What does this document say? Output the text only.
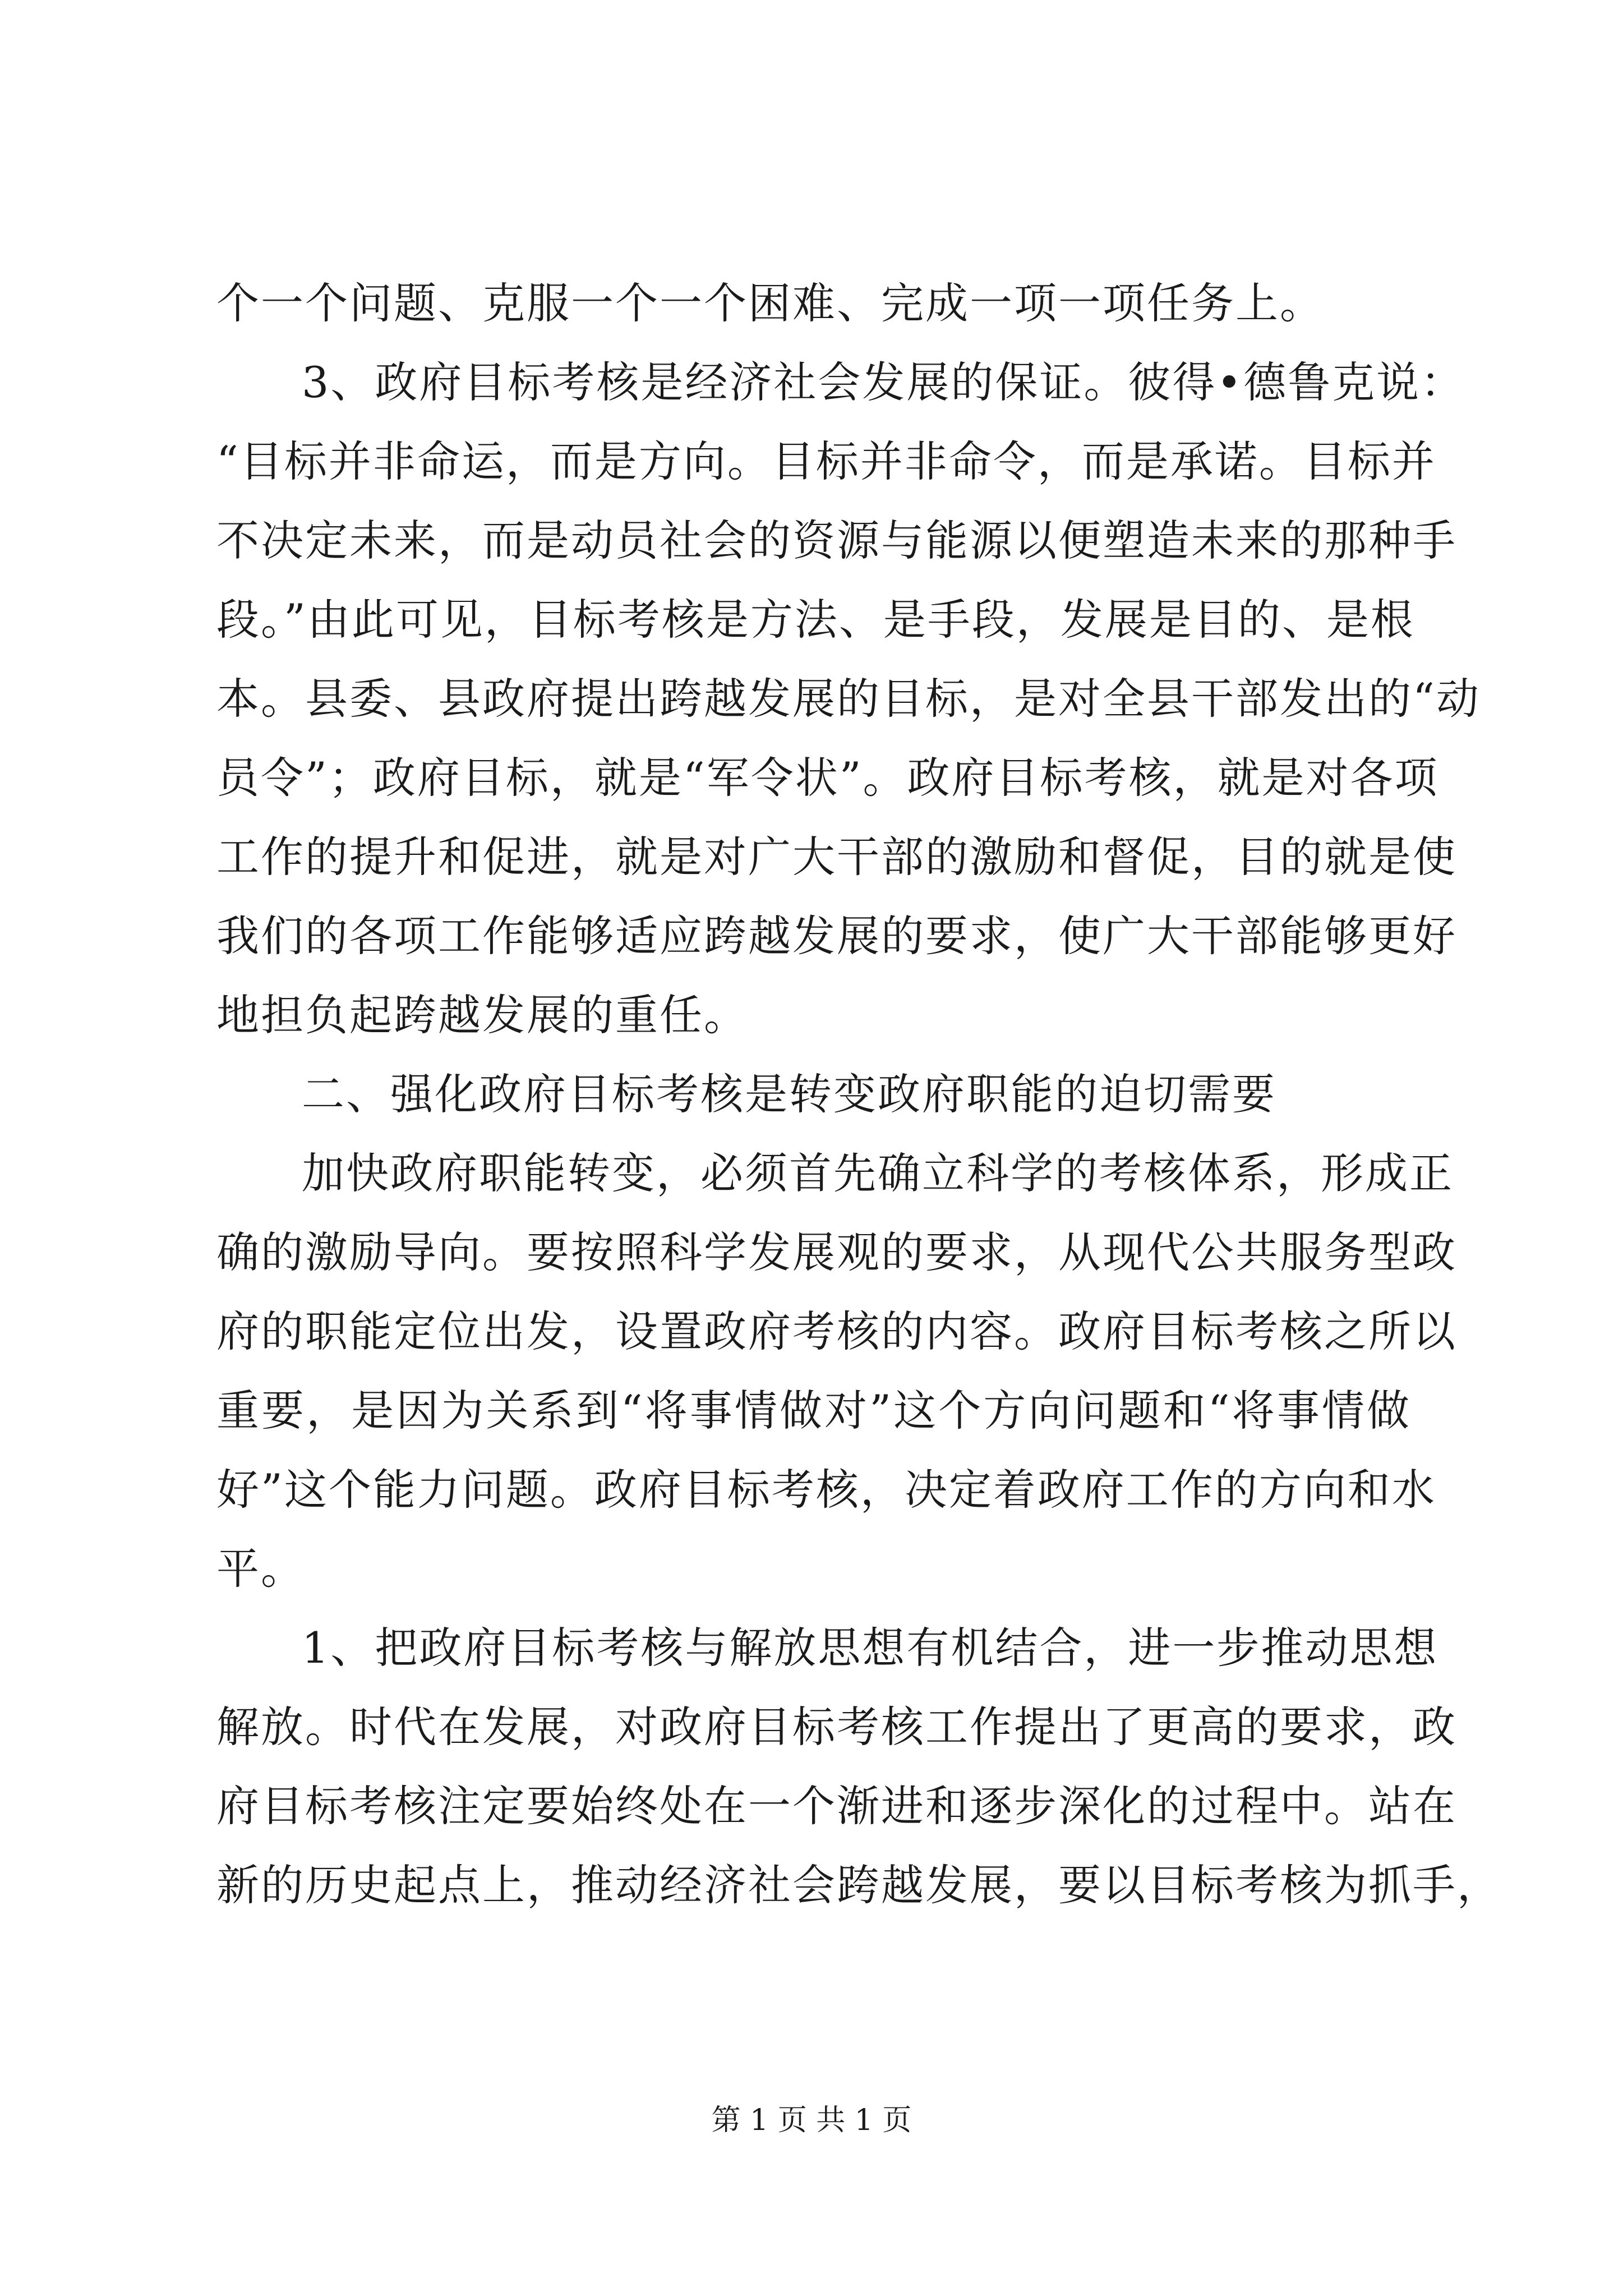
个一个问题、克服一个一个困难、完成一项一项任务上。
3、政府目标考核是经济社会发展的保证。彼得•德鲁克说：
“目标并非命运，而是方向。目标并非命令，而是承诺。目标并
不决定未来，而是动员社会的资源与能源以便塑造未来的那种手
段。”由此可见，目标考核是方法、是手段，发展是目的、是根
本。县委、县政府提出跨越发展的目标，是对全县干部发出的“动
员令”；政府目标，就是“军令状”。政府目标考核，就是对各项
工作的提升和促进，就是对广大干部的激励和督促，目的就是使
我们的各项工作能够适应跨越发展的要求，使广大干部能够更好
地担负起跨越发展的重任。
二、强化政府目标考核是转变政府职能的迫切需要
加快政府职能转变，必须首先确立科学的考核体系，形成正
确的激励导向。要按照科学发展观的要求，从现代公共服务型政
府的职能定位出发，设置政府考核的内容。政府目标考核之所以
重要，是因为关系到“将事情做对”这个方向问题和“将事情做
好”这个能力问题。政府目标考核，决定着政府工作的方向和水
平。
1、把政府目标考核与解放思想有机结合，进一步推动思想
解放。时代在发展，对政府目标考核工作提出了更高的要求，政
府目标考核注定要始终处在一个渐进和逐步深化的过程中。站在
新的历史起点上，推动经济社会跨越发展，要以目标考核为抓手，
第 1 页 共 1 页
